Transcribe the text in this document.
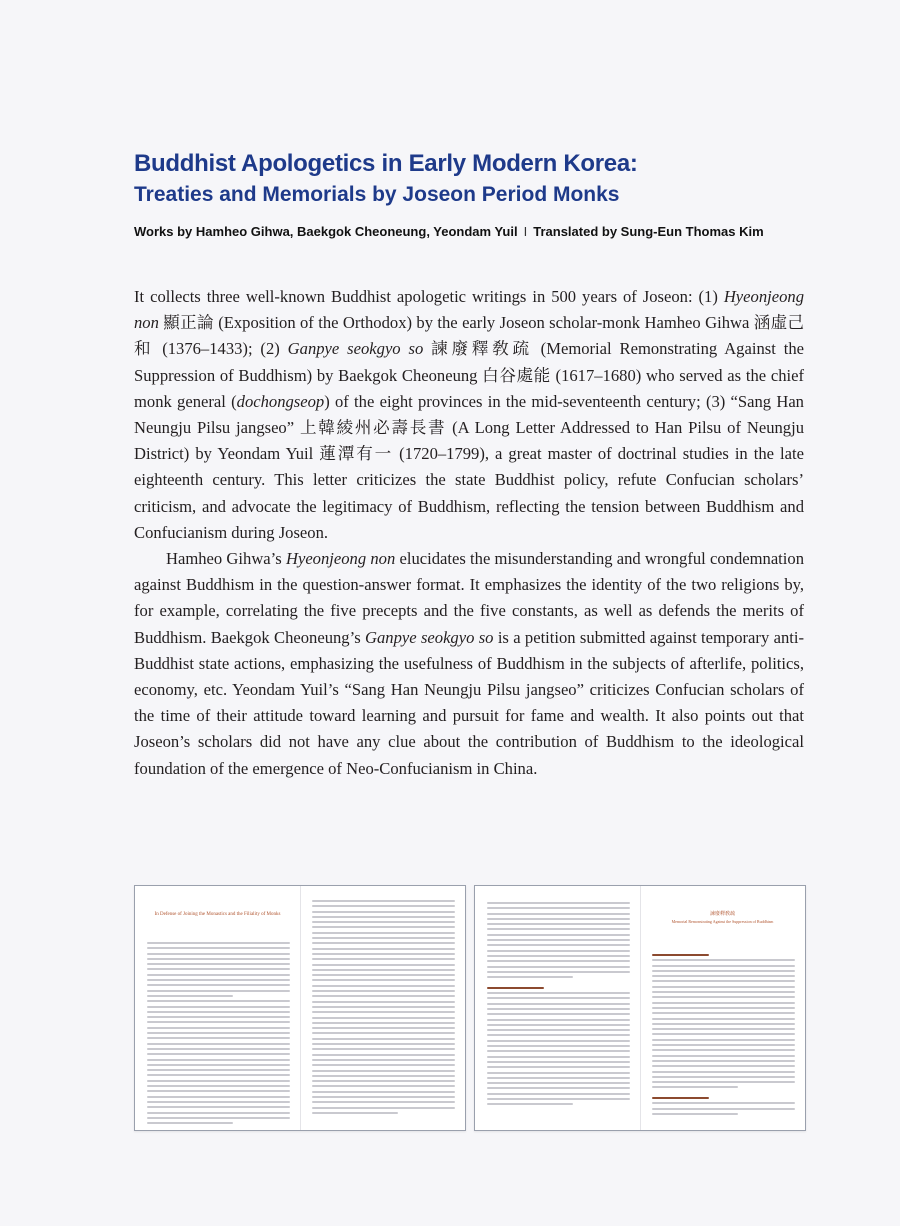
Buddhist Apologetics in Early Modern Korea:
Treaties and Memorials by Joseon Period Monks
Works by Hamheo Gihwa, Baekgok Cheoneung, Yeondam Yuil I Translated by Sung-Eun Thomas Kim

It collects three well-known Buddhist apologetic writings in 500 years of Joseon: (1) Hyeonjeong non 顯正論 (Exposition of the Orthodox) by the early Joseon scholar-monk Hamheo Gihwa 涵虛己和 (1376–1433); (2) Ganpye seokgyo so 諫廢釋敎疏 (Memorial Remonstrating Against the Suppression of Buddhism) by Baekgok Cheoneung 白谷處能 (1617–1680) who served as the chief monk general (dochongseop) of the eight provinces in the mid-seventeenth century; (3) “Sang Han Neungju Pilsu jangseo” 上韓綾州必壽長書 (A Long Letter Addressed to Han Pilsu of Neungju District) by Yeondam Yuil 蓮潭有一 (1720–1799), a great master of doctrinal studies in the late eighteenth century. This letter criticizes the state Buddhist policy, refute Confucian scholars’ criticism, and advocate the legitimacy of Buddhism, reflecting the tension between Buddhism and Confucianism during Joseon.

Hamheo Gihwa’s Hyeonjeong non elucidates the misunderstanding and wrongful condemnation against Buddhism in the question-answer format. It emphasizes the identity of the two religions by, for example, correlating the five precepts and the five constants, as well as defends the merits of Buddhism. Baekgok Cheoneung’s Ganpye seokgyo so is a petition submitted against temporary anti-Buddhist state actions, emphasizing the usefulness of Buddhism in the subjects of afterlife, politics, economy, etc. Yeondam Yuil’s “Sang Han Neungju Pilsu jangseo” criticizes Confucian scholars of the time of their attitude toward learning and pursuit for fame and wealth. It also points out that Joseon’s scholars did not have any clue about the contribution of Buddhism to the ideological foundation of the emergence of Neo-Confucianism in China.

In Defense of Joining the Monastics and the Filiality of Monks	諫廢釋敎疏
Memorial Remonstrating Against the Suppression of Buddhism
